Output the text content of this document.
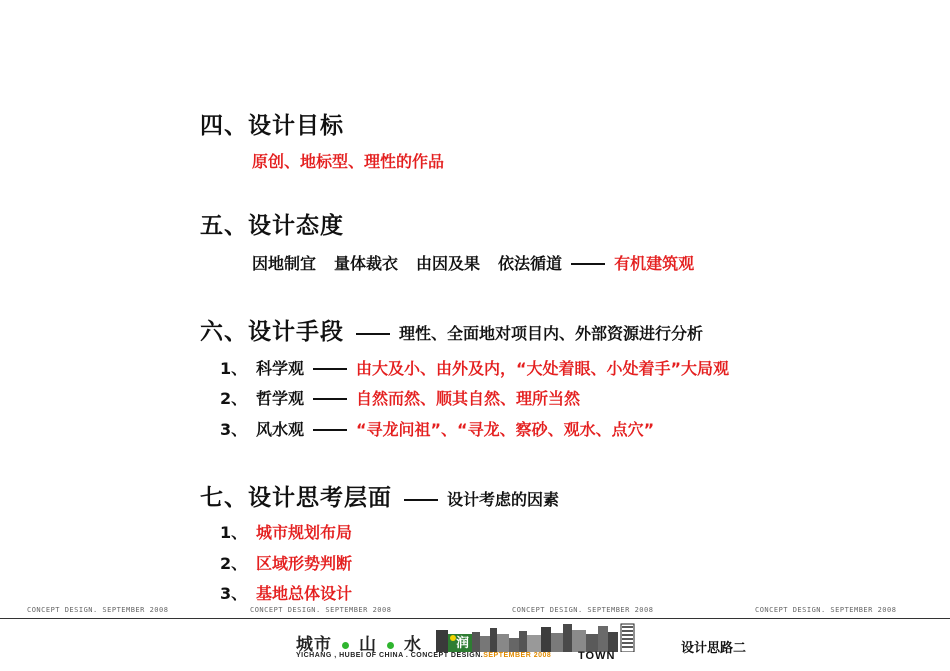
四、设计目标
原创、地标型、理性的作品
五、设计态度
因地制宜 量体裁衣 由因及果 依法循道	有机建筑观
六、设计手段	理性、全面地对项目内、外部资源进行分析
1、 科学观	由大及小、由外及内，“大处着眼、小处着手”大局观
2、 哲学观	自然而然、顺其自然、理所当然
3、 风水观	“寻龙问祖”、“寻龙、察砂、观水、点穴”
七、设计思考层面	设计考虑的因素
1、 城市规划布局
2、 区域形势判断
3、 基地总体设计
CONCEPT DESIGN. SEPTEMBER 2008	CONCEPT DESIGN. SEPTEMBER 2008	CONCEPT DESIGN. SEPTEMBER 2008	CONCEPT DESIGN. SEPTEMBER 2008
城市 山 水	润
YICHANG , HUBEI OF CHINA . CONCEPT DESIGN.SEPTEMBER 2008 TOWN	设计思路二
